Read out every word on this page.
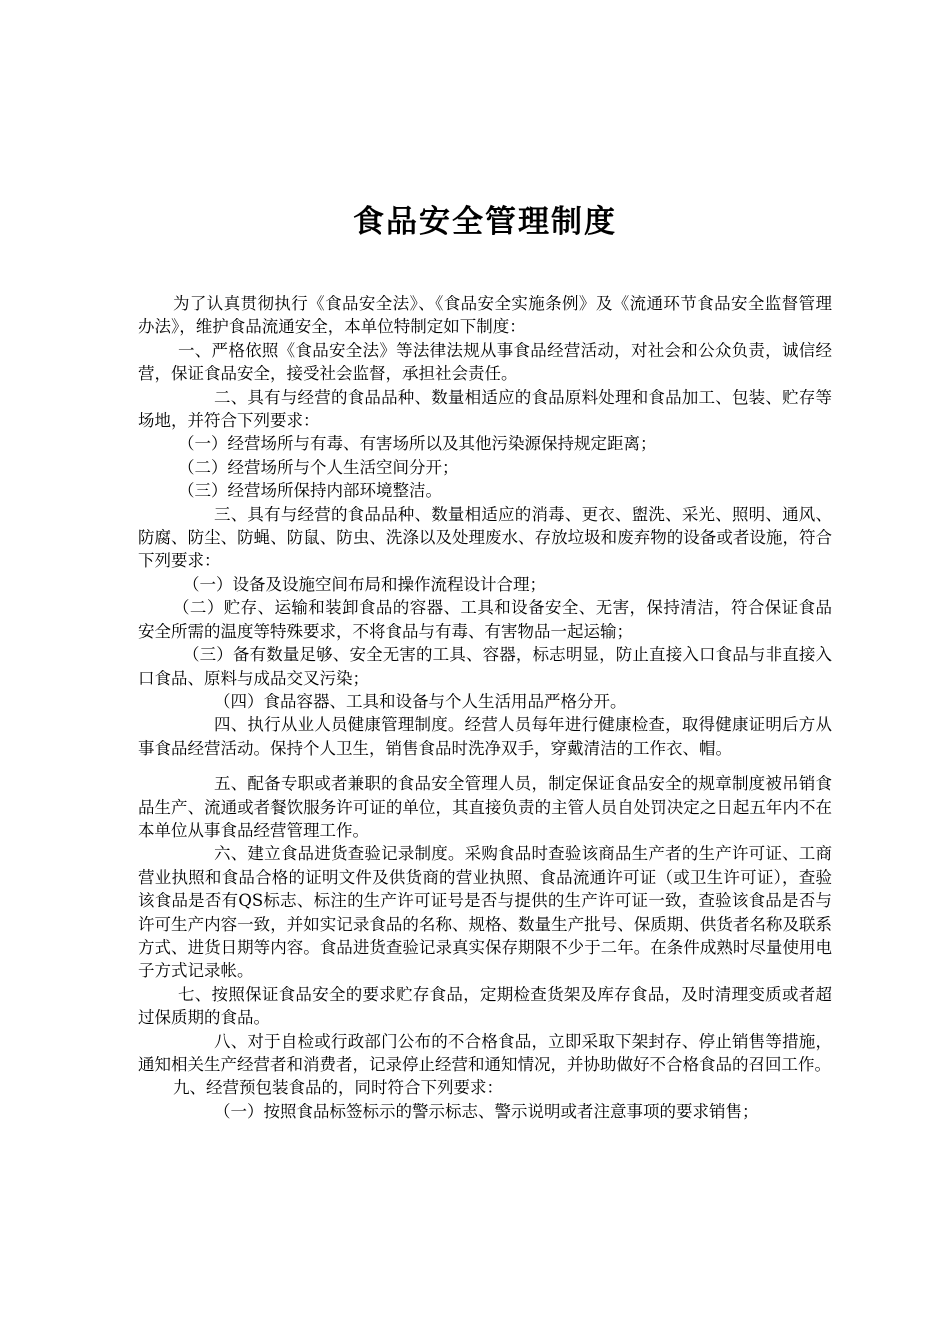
食品安全管理制度

为了认真贯彻执行《食品安全法》、《食品安全实施条例》及《流通环节食品安全监督管理办法》，维护食品流通安全，本单位特制定如下制度：

一、严格依照《食品安全法》等法律法规从事食品经营活动，对社会和公众负责，诚信经营，保证食品安全，接受社会监督，承担社会责任。

二、具有与经营的食品品种、数量相适应的食品原料处理和食品加工、包装、贮存等场地，并符合下列要求：

（一）经营场所与有毒、有害场所以及其他污染源保持规定距离；

（二）经营场所与个人生活空间分开；

（三）经营场所保持内部环境整洁。

三、具有与经营的食品品种、数量相适应的消毒、更衣、盥洗、采光、照明、通风、防腐、防尘、防蝇、防鼠、防虫、洗涤以及处理废水、存放垃圾和废弃物的设备或者设施，符合下列要求：

（一）设备及设施空间布局和操作流程设计合理；

（二）贮存、运输和装卸食品的容器、工具和设备安全、无害，保持清洁，符合保证食品安全所需的温度等特殊要求，不将食品与有毒、有害物品一起运输；

（三）备有数量足够、安全无害的工具、容器，标志明显，防止直接入口食品与非直接入口食品、原料与成品交叉污染；

（四）食品容器、工具和设备与个人生活用品严格分开。

四、执行从业人员健康管理制度。经营人员每年进行健康检查，取得健康证明后方从事食品经营活动。保持个人卫生，销售食品时洗净双手，穿戴清洁的工作衣、帽。

五、配备专职或者兼职的食品安全管理人员，制定保证食品安全的规章制度被吊销食品生产、流通或者餐饮服务许可证的单位，其直接负责的主管人员自处罚决定之日起五年内不在本单位从事食品经营管理工作。

六、建立食品进货查验记录制度。采购食品时查验该商品生产者的生产许可证、工商营业执照和食品合格的证明文件及供货商的营业执照、食品流通许可证（或卫生许可证），查验该食品是否有QS标志、标注的生产许可证号是否与提供的生产许可证一致，查验该食品是否与许可生产内容一致，并如实记录食品的名称、规格、数量生产批号、保质期、供货者名称及联系方式、进货日期等内容。食品进货查验记录真实保存期限不少于二年。在条件成熟时尽量使用电子方式记录帐。

七、按照保证食品安全的要求贮存食品，定期检查货架及库存食品，及时清理变质或者超过保质期的食品。

八、对于自检或行政部门公布的不合格食品，立即采取下架封存、停止销售等措施，通知相关生产经营者和消费者，记录停止经营和通知情况，并协助做好不合格食品的召回工作。

九、经营预包装食品的，同时符合下列要求：

（一）按照食品标签标示的警示标志、警示说明或者注意事项的要求销售；
